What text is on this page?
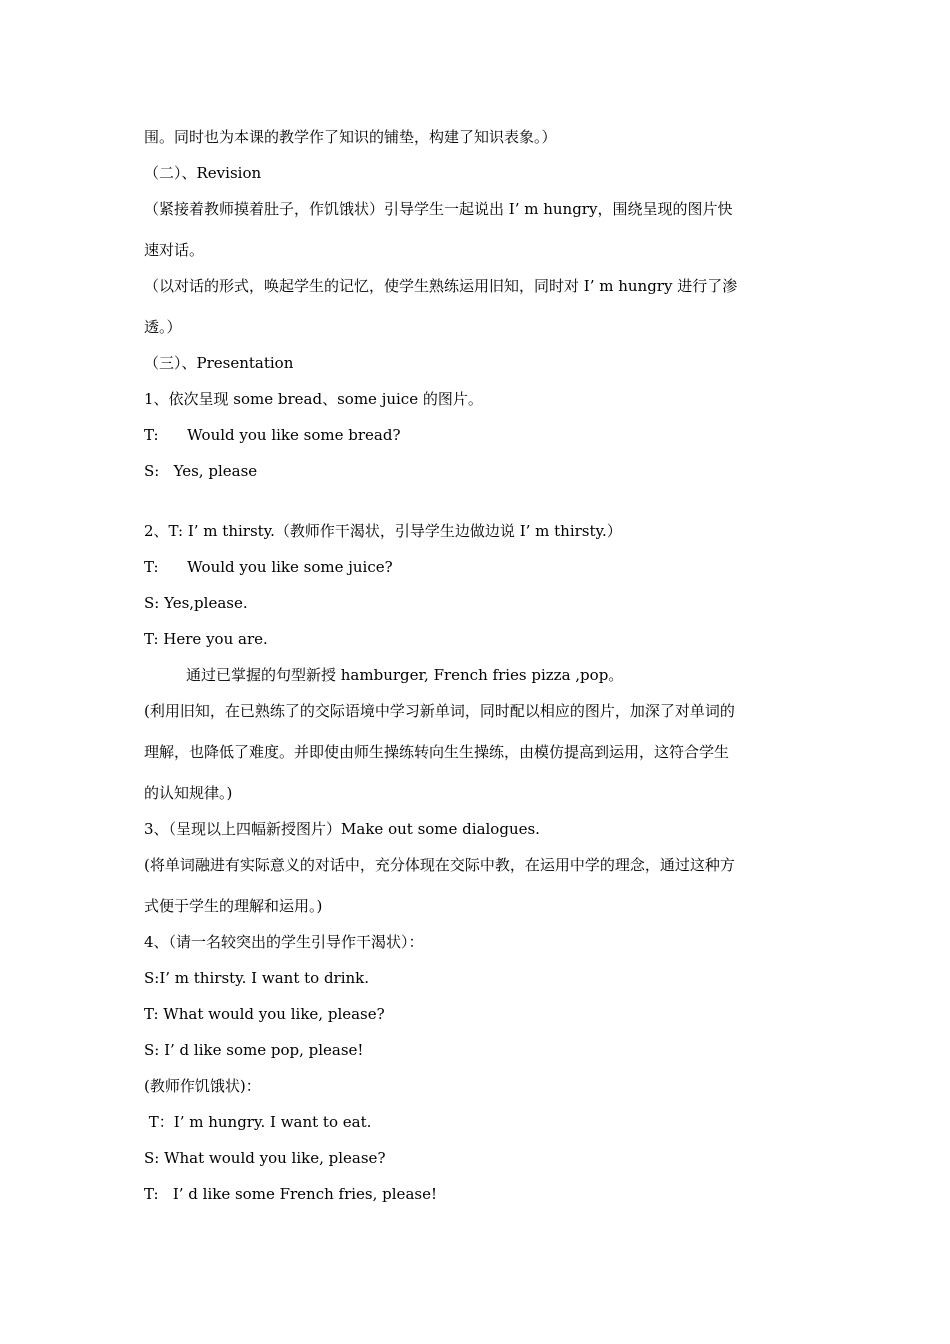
围。同时也为本课的教学作了知识的铺垫，构建了知识表象。）
（二）、Revision
（紧接着教师摸着肚子，作饥饿状）引导学生一起说出 I’ m hungry，围绕呈现的图片快
速对话。
（以对话的形式，唤起学生的记忆，使学生熟练运用旧知，同时对 I’ m hungry 进行了渗
透。）
（三）、Presentation
1、依次呈现 some bread、some juice 的图片。
T:      Would you like some bread?
S:   Yes, please
2、T: I’ m thirsty.（教师作干渴状，引导学生边做边说 I’ m thirsty.）
T:      Would you like some juice?
S: Yes,please.
T: Here you are.
通过已掌握的句型新授 hamburger, French fries pizza ,pop。
(利用旧知，在已熟练了的交际语境中学习新单词，同时配以相应的图片，加深了对单词的
理解，也降低了难度。并即使由师生操练转向生生操练，由模仿提高到运用，这符合学生
的认知规律。)
3、（呈现以上四幅新授图片）Make out some dialogues.
(将单词融进有实际意义的对话中，充分体现在交际中教，在运用中学的理念，通过这种方
式便于学生的理解和运用。)
4、（请一名较突出的学生引导作干渴状）：
S:I’ m thirsty. I want to drink.
T: What would you like, please?
S: I’ d like some pop, please!
(教师作饥饿状)：
T：I’ m hungry. I want to eat.
S: What would you like, please?
T:   I’ d like some French fries, please!
